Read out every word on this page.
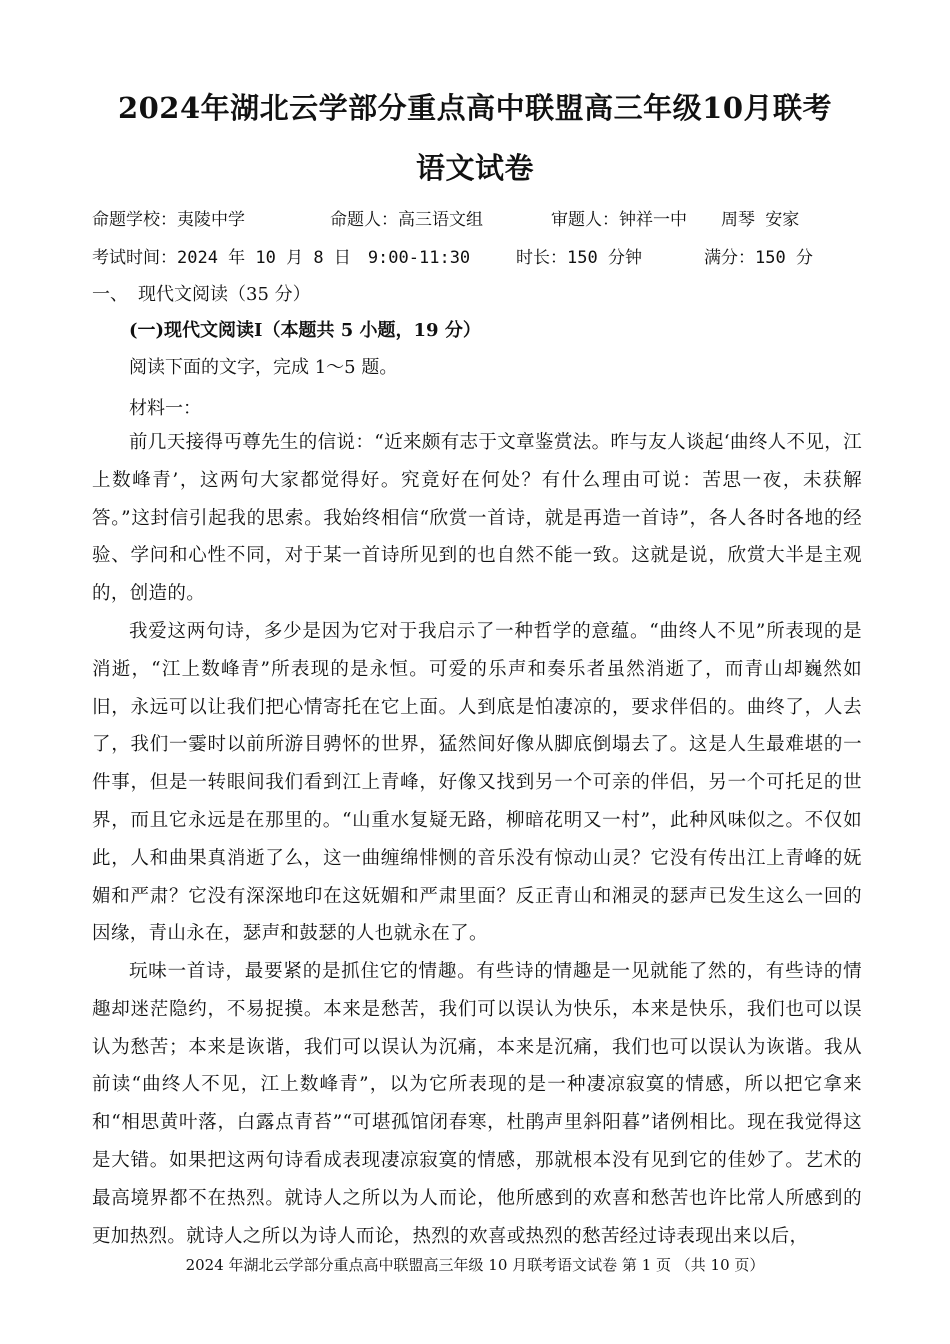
2024年湖北云学部分重点高中联盟高三年级10月联考
语文试卷
命题学校：夷陵中学	命题人：高三语文组	审题人：钟祥一中　　周琴 安家
考试时间：2024 年 10 月 8 日　9:00-11:30	时长：150 分钟	满分：150 分
一、 现代文阅读（35 分）
(一)现代文阅读Ⅰ（本题共 5 小题，19 分）
阅读下面的文字，完成 1～5 题。
材料一：
前几天接得丏尊先生的信说：“近来颇有志于文章鉴赏法。昨与友人谈起‘曲终人不见，江上数峰青’，这两句大家都觉得好。究竟好在何处？有什么理由可说：苦思一夜，未获解答。”这封信引起我的思索。我始终相信“欣赏一首诗，就是再造一首诗”，各人各时各地的经验、学问和心性不同，对于某一首诗所见到的也自然不能一致。这就是说，欣赏大半是主观的，创造的。
我爱这两句诗，多少是因为它对于我启示了一种哲学的意蕴。“曲终人不见”所表现的是消逝，“江上数峰青”所表现的是永恒。可爱的乐声和奏乐者虽然消逝了，而青山却巍然如旧，永远可以让我们把心情寄托在它上面。人到底是怕凄凉的，要求伴侣的。曲终了，人去了，我们一霎时以前所游目骋怀的世界，猛然间好像从脚底倒塌去了。这是人生最难堪的一件事，但是一转眼间我们看到江上青峰，好像又找到另一个可亲的伴侣，另一个可托足的世界，而且它永远是在那里的。“山重水复疑无路，柳暗花明又一村”，此种风味似之。不仅如此，人和曲果真消逝了么，这一曲缠绵悱恻的音乐没有惊动山灵？它没有传出江上青峰的妩媚和严肃？它没有深深地印在这妩媚和严肃里面？反正青山和湘灵的瑟声已发生这么一回的因缘，青山永在，瑟声和鼓瑟的人也就永在了。
玩味一首诗，最要紧的是抓住它的情趣。有些诗的情趣是一见就能了然的，有些诗的情趣却迷茫隐约，不易捉摸。本来是愁苦，我们可以误认为快乐，本来是快乐，我们也可以误认为愁苦；本来是诙谐，我们可以误认为沉痛，本来是沉痛，我们也可以误认为诙谐。我从前读“曲终人不见，江上数峰青”，以为它所表现的是一种凄凉寂寞的情感，所以把它拿来和“相思黄叶落，白露点青苔”“可堪孤馆闭春寒，杜鹃声里斜阳暮”诸例相比。现在我觉得这是大错。如果把这两句诗看成表现凄凉寂寞的情感，那就根本没有见到它的佳妙了。艺术的最高境界都不在热烈。就诗人之所以为人而论，他所感到的欢喜和愁苦也许比常人所感到的更加热烈。就诗人之所以为诗人而论，热烈的欢喜或热烈的愁苦经过诗表现出来以后，
2024 年湖北云学部分重点高中联盟高三年级 10 月联考语文试卷 第 1 页 （共 10 页）
